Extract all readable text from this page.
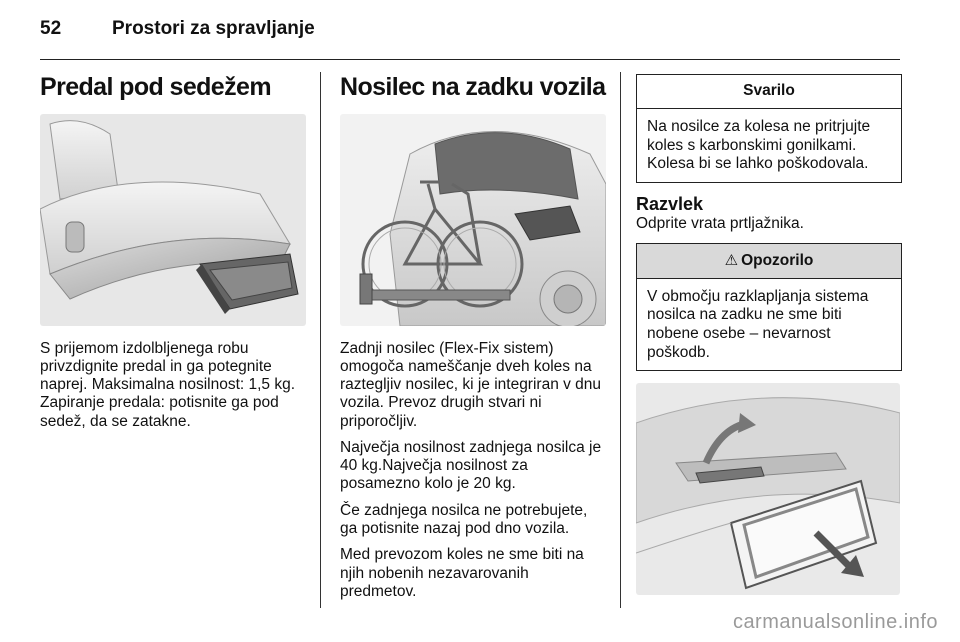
52	Prostori za spravljanje
Predal pod sedežem

S prijemom izdolbljenega robu privzdignite predal in ga potegnite naprej. Maksimalna nosilnost: 1,5 kg. Zapiranje predala: potisnite ga pod sedež, da se zatakne.

Nosilec na zadku vozila

Zadnji nosilec (Flex-Fix sistem) omogoča nameščanje dveh koles na raztegljiv nosilec, ki je integriran v dnu vozila. Prevoz drugih stvari ni priporočljiv.

Največja nosilnost zadnjega nosilca je 40 kg.Največja nosilnost za posamezno kolo je 20 kg.

Če zadnjega nosilca ne potrebujete, ga potisnite nazaj pod dno vozila.

Med prevozom koles ne sme biti na njih nobenih nezavarovanih predmetov.

Svarilo
Na nosilce za kolesa ne pritrjujte koles s karbonskimi gonilkami. Kolesa bi se lahko poškodovala.
Razvlek

Odprite vrata prtljažnika.

⚠ Opozorilo
V območju razklapljanja sistema nosilca na zadku ne sme biti nobene osebe – nevarnost poškodb.
carmanualsonline.info
